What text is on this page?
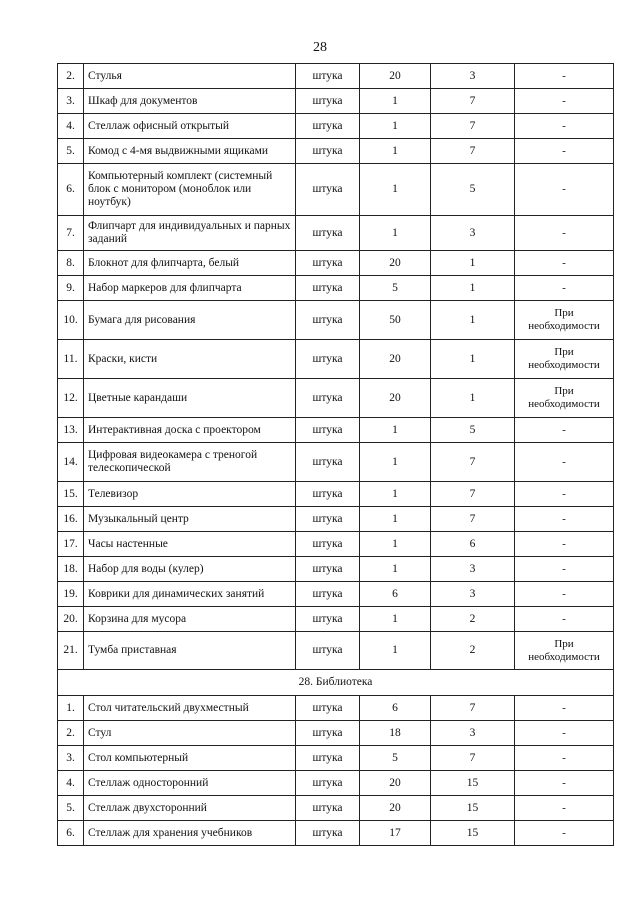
28
2.	Стулья	штука	20	3	-
3.	Шкаф для документов	штука	1	7	-
4.	Стеллаж офисный открытый	штука	1	7	-
5.	Комод с 4-мя выдвижными ящиками	штука	1	7	-
6.	Компьютерный комплект (системный блок с монитором (моноблок или ноутбук)	штука	1	5	-
7.	Флипчарт для индивидуальных и парных заданий	штука	1	3	-
8.	Блокнот для флипчарта, белый	штука	20	1	-
9.	Набор маркеров для флипчарта	штука	5	1	-
10.	Бумага для рисования	штука	50	1	При необходимости
11.	Краски, кисти	штука	20	1	При необходимости
12.	Цветные карандаши	штука	20	1	При необходимости
13.	Интерактивная доска с проектором	штука	1	5	-
14.	Цифровая видеокамера с треногой телескопической	штука	1	7	-
15.	Телевизор	штука	1	7	-
16.	Музыкальный центр	штука	1	7	-
17.	Часы настенные	штука	1	6	-
18.	Набор для воды (кулер)	штука	1	3	-
19.	Коврики для динамических занятий	штука	6	3	-
20.	Корзина для мусора	штука	1	2	-
21.	Тумба приставная	штука	1	2	При необходимости
28. Библиотека					
1.	Стол читательский двухместный	штука	6	7	-
2.	Стул	штука	18	3	-
3.	Стол компьютерный	штука	5	7	-
4.	Стеллаж односторонний	штука	20	15	-
5.	Стеллаж двухсторонний	штука	20	15	-
6.	Стеллаж для хранения учебников	штука	17	15	-
